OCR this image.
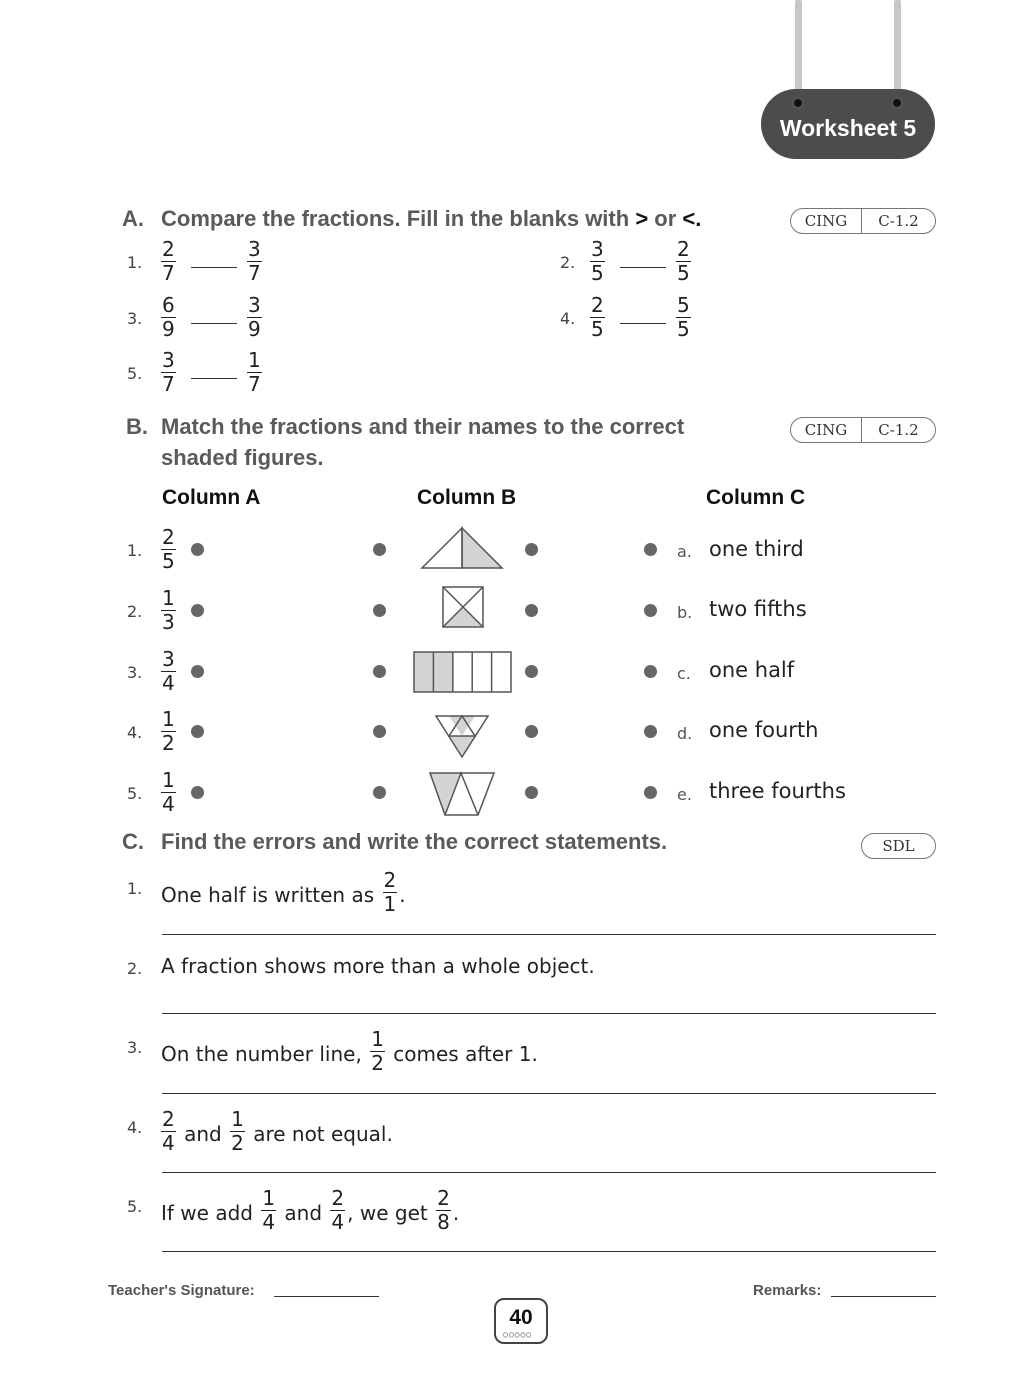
Worksheet 5
A. Compare the fractions. Fill in the blanks with > or <.	CING	C-1.2
1. $\frac{2}{7}$	$\frac{3}{7}$	2. $\frac{3}{5}$	$\frac{2}{5}$
3. $\frac{6}{9}$	$\frac{3}{9}$	4. $\frac{2}{5}$	$\frac{5}{5}$
5. $\frac{3}{7}$	$\frac{1}{7}$
B. Match the fractions and their names to the correct
shaded figures.
CING	C-1.2
Column A	Column B	Column C
1. $\frac{2}{5}$	a. one third
2. $\frac{1}{3}$	b. two fifths
3. $\frac{3}{4}$	c. one half
4. $\frac{1}{2}$	d. one fourth
5. $\frac{1}{4}$	e. three fourths
C. Find the errors and write the correct statements.	SDL
1. One half is written as $\frac{2}{1}$ .
2. A fraction shows more than a whole object.
3. On the number line, $\frac{1}{2}$ comes after 1.
4. $\frac{2}{4}$ and $\frac{1}{2}$ are not equal.
5. If we add $\frac{1}{4}$ and $\frac{2}{4}$ , we get $\frac{2}{8}$ .
Teacher's Signature:	Remarks:
40
○○○○○
